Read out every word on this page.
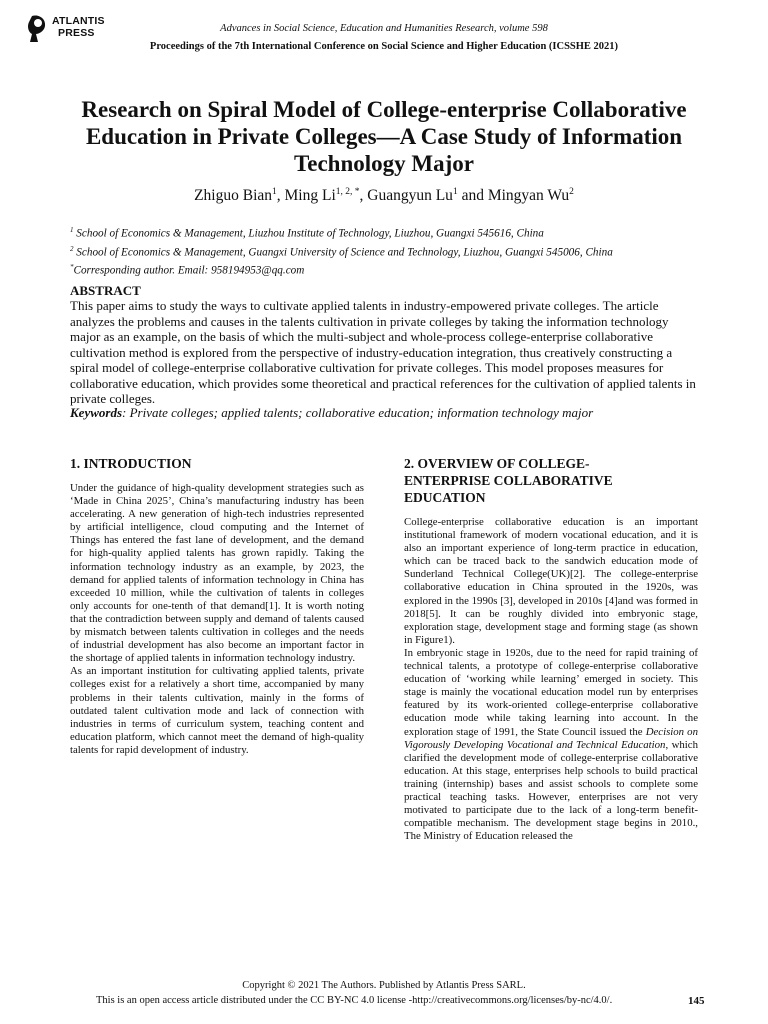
ATLANTIS
PRESS	Advances in Social Science, Education and Humanities Research, volume 598
Proceedings of the 7th International Conference on Social Science and Higher Education (ICSSHE 2021)
Research on Spiral Model of College-enterprise Collaborative Education in Private Colleges—A Case Study of Information Technology Major
Zhiguo Bian$^1$, Ming $Li^{1, 2, *}$, Guangyun Lu$^1$ and Mingyan Wu$^2$
$^1$ School of Economics & Management, Liuzhou Institute of Technology, Liuzhou, Guangxi 545616, China
$^2$ School of Economics & Management, Guangxi University of Science and Technology, Liuzhou, Guangxi 545006, China
*Corresponding author. Email: 958194953@qq.com
ABSTRACT
This paper aims to study the ways to cultivate applied talents in industry-empowered private colleges. The article analyzes the problems and causes in the talents cultivation in private colleges by taking the information technology major as an example, on the basis of which the multi-subject and whole-process college-enterprise collaborative cultivation method is explored from the perspective of industry-education integration, thus creatively constructing a spiral model of college-enterprise collaborative cultivation for private colleges. This model proposes measures for collaborative education, which provides some theoretical and practical references for the cultivation of applied talents in private colleges.
Keywords: Private colleges; applied talents; collaborative education; information technology major
1. INTRODUCTION

Under the guidance of high-quality development strategies such as ‘Made in China 2025’, China’s manufacturing industry has been accelerating. A new generation of high-tech industries represented by artificial intelligence, cloud computing and the Internet of Things has entered the fast lane of development, and the demand for high-quality applied talents has grown rapidly. Taking the information technology industry as an example, by 2023, the demand for applied talents of information technology in China has exceeded 10 million, while the cultivation of talents in colleges only accounts for one-tenth of that demand[1]. It is worth noting that the contradiction between supply and demand of talents caused by mismatch between talents cultivation in colleges and the needs of industrial development has also become an important factor in the shortage of applied talents in information technology industry.

As an important institution for cultivating applied talents, private colleges exist for a relatively a short time, accompanied by many problems in their talents cultivation, mainly in the forms of outdated talent cultivation mode and lack of connection with industries in terms of curriculum system, teaching content and education platform, which cannot meet the demand of high-quality talents for rapid development of industry.

2. OVERVIEW OF COLLEGE-ENTERPRISE COLLABORATIVE EDUCATION

College-enterprise collaborative education is an important institutional framework of modern vocational education, and it is also an important experience of long-term practice in education, which can be traced back to the sandwich education mode of Sunderland Technical College(UK)[2]. The college-enterprise collaborative education in China sprouted in the 1920s, was explored in the 1990s [3], developed in 2010s [4]and was formed in 2018[5]. It can be roughly divided into embryonic stage, exploration stage, development stage and forming stage (as shown in Figure1).

In embryonic stage in 1920s, due to the need for rapid training of technical talents, a prototype of college-enterprise collaborative education of ‘working while learning’ emerged in society. This stage is mainly the vocational education model run by enterprises featured by its work-oriented college-enterprise collaborative education mode while taking learning into account. In the exploration stage of 1991, the State Council issued the Decision on Vigorously Developing Vocational and Technical Education, which clarified the development mode of college-enterprise collaborative education. At this stage, enterprises help schools to build practical training (internship) bases and assist schools to complete some practical teaching tasks. However, enterprises are not very motivated to participate due to the lack of a long-term benefit-compatible mechanism. The development stage begins in 2010., The Ministry of Education released the

Copyright © 2021 The Authors. Published by Atlantis Press SARL.
This is an open access article distributed under the CC BY-NC 4.0 license -http://creativecommons.org/licenses/by-nc/4.0/.	145
